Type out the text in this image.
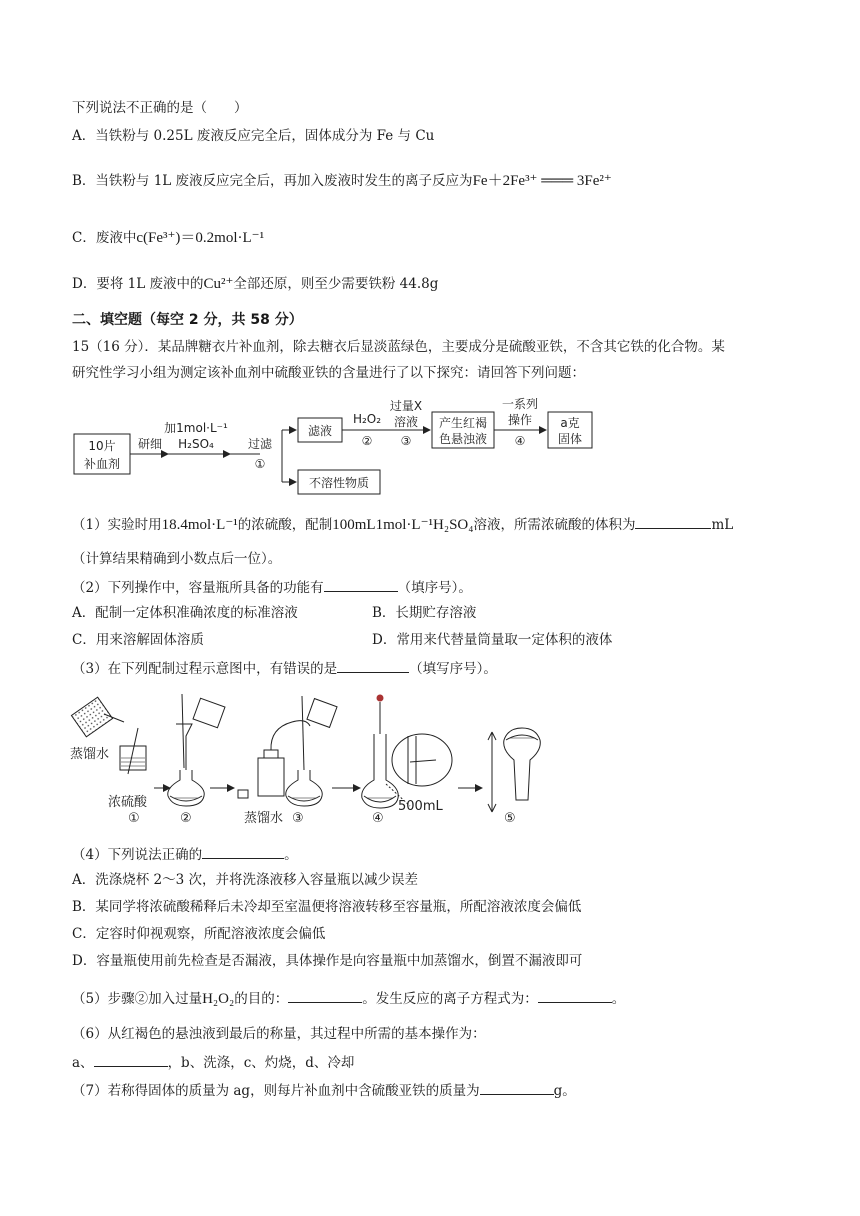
下列说法不正确的是（　　）
A．当铁粉与 0.25L 废液反应完全后，固体成分为 Fe 与 Cu
B．当铁粉与 1L 废液反应完全后，再加入废液时发生的离子反应为Fe＋2Fe³⁺ ═══ 3Fe²⁺
C．废液中c(Fe³⁺)＝0.2mol·L⁻¹
D．要将 1L 废液中的Cu²⁺全部还原，则至少需要铁粉 44.8g
二、填空题（每空 2 分，共 58 分）
15（16 分）．某品牌糖衣片补血剂，除去糖衣后显淡蓝绿色，主要成分是硫酸亚铁，不含其它铁的化合物。某
研究性学习小组为测定该补血剂中硫酸亚铁的含量进行了以下探究：请回答下列问题：
10片
补血剂
研细
加1mol·L⁻¹
H₂SO₄	过滤
①
滤液
不溶性物质
H₂O₂
②
过量X
溶液
③
产生红褐
色悬浊液
一系列
操作
④
a克
固体
（1）实验时用18.4mol·L⁻¹的浓硫酸，配制100mL1mol·L⁻¹H₂SO₄溶液，所需浓硫酸的体积为	mL
（计算结果精确到小数点后一位）。
（2）下列操作中，容量瓶所具备的功能有	（填序号）。
A．配制一定体积准确浓度的标准溶液	B．长期贮存溶液
C．用来溶解固体溶质	D．常用来代替量筒量取一定体积的液体
（3）在下列配制过程示意图中，有错误的是	（填写序号）。
蒸馏水
浓硫酸
①	②	蒸馏水 ③	④
500mL
⑤
（4）下列说法正确的	。
A．洗涤烧杯 2～3 次，并将洗涤液移入容量瓶以减少误差
B．某同学将浓硫酸稀释后未冷却至室温便将溶液转移至容量瓶，所配溶液浓度会偏低
C．定容时仰视观察，所配溶液浓度会偏低
D．容量瓶使用前先检查是否漏液，具体操作是向容量瓶中加蒸馏水，倒置不漏液即可
（5）步骤②加入过量H₂O₂的目的：	。发生反应的离子方程式为：	。
（6）从红褐色的悬浊液到最后的称量，其过程中所需的基本操作为：
a、	，b、洗涤，c、灼烧，d、冷却
（7）若称得固体的质量为 ag，则每片补血剂中含硫酸亚铁的质量为	g。
